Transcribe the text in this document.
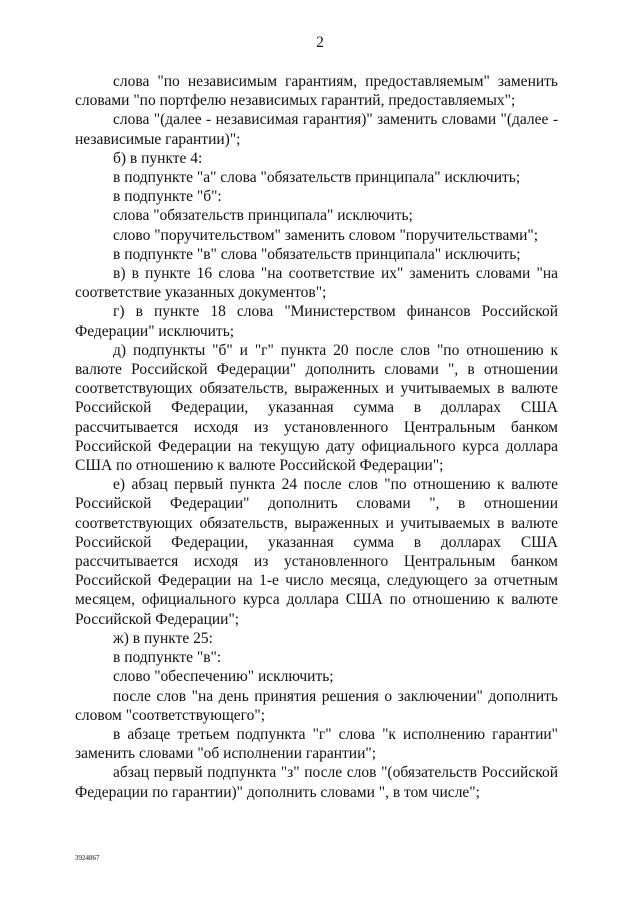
2

слова "по независимым гарантиям, предоставляемым" заменить словами "по портфелю независимых гарантий, предоставляемых";

слова "(далее - независимая гарантия)" заменить словами "(далее - независимые гарантии)";

б) в пункте 4:

в подпункте "а" слова "обязательств принципала" исключить;

в подпункте "б":

слова "обязательств принципала" исключить;

слово "поручительством" заменить словом "поручительствами";

в подпункте "в" слова "обязательств принципала" исключить;

в) в пункте 16 слова "на соответствие их" заменить словами "на соответствие указанных документов";

г) в пункте 18 слова "Министерством финансов Российской Федерации" исключить;

д) подпункты "б" и "г" пункта 20 после слов "по отношению к валюте Российской Федерации" дополнить словами ", в отношении соответствующих обязательств, выраженных и учитываемых в валюте Российской Федерации, указанная сумма в долларах США рассчитывается исходя из установленного Центральным банком Российской Федерации на текущую дату официального курса доллара США по отношению к валюте Российской Федерации";

е) абзац первый пункта 24 после слов "по отношению к валюте Российской Федерации" дополнить словами ", в отношении соответствующих обязательств, выраженных и учитываемых в валюте Российской Федерации, указанная сумма в долларах США рассчитывается исходя из установленного Центральным банком Российской Федерации на 1-е число месяца, следующего за отчетным месяцем, официального курса доллара США по отношению к валюте Российской Федерации";

ж) в пункте 25:

в подпункте "в":

слово "обеспечению" исключить;

после слов "на день принятия решения о заключении" дополнить словом "соответствующего";

в абзаце третьем подпункта "г" слова "к исполнению гарантии" заменить словами "об исполнении гарантии";

абзац первый подпункта "з" после слов "(обязательств Российской Федерации по гарантии)" дополнить словами ", в том числе";

3924867
